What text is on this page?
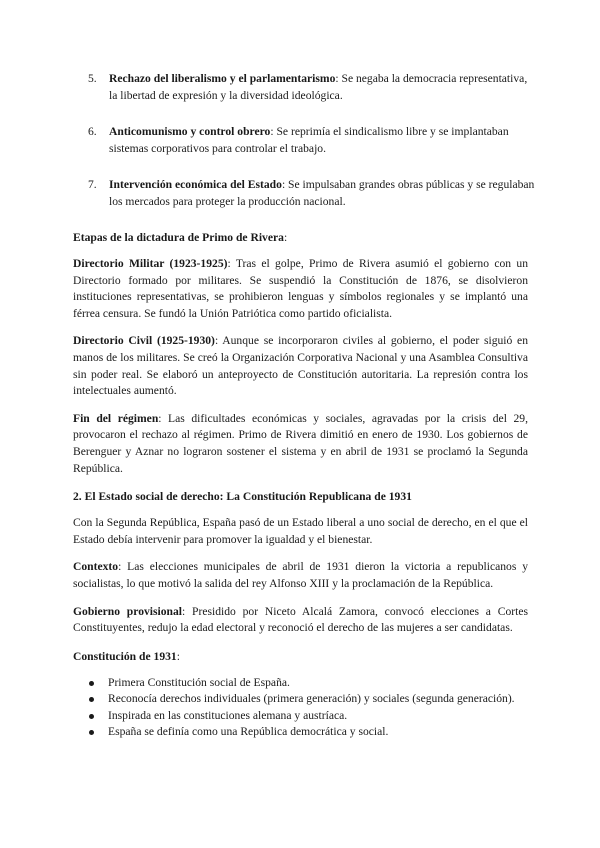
5. Rechazo del liberalismo y el parlamentarismo: Se negaba la democracia representativa, la libertad de expresión y la diversidad ideológica.
6. Anticomunismo y control obrero: Se reprimía el sindicalismo libre y se implantaban sistemas corporativos para controlar el trabajo.
7. Intervención económica del Estado: Se impulsaban grandes obras públicas y se regulaban los mercados para proteger la producción nacional.

Etapas de la dictadura de Primo de Rivera:

Directorio Militar (1923-1925): Tras el golpe, Primo de Rivera asumió el gobierno con un Directorio formado por militares. Se suspendió la Constitución de 1876, se disolvieron instituciones representativas, se prohibieron lenguas y símbolos regionales y se implantó una férrea censura. Se fundó la Unión Patriótica como partido oficialista.

Directorio Civil (1925-1930): Aunque se incorporaron civiles al gobierno, el poder siguió en manos de los militares. Se creó la Organización Corporativa Nacional y una Asamblea Consultiva sin poder real. Se elaboró un anteproyecto de Constitución autoritaria. La represión contra los intelectuales aumentó.

Fin del régimen: Las dificultades económicas y sociales, agravadas por la crisis del 29, provocaron el rechazo al régimen. Primo de Rivera dimitió en enero de 1930. Los gobiernos de Berenguer y Aznar no lograron sostener el sistema y en abril de 1931 se proclamó la Segunda República.

2. El Estado social de derecho: La Constitución Republicana de 1931

Con la Segunda República, España pasó de un Estado liberal a uno social de derecho, en el que el Estado debía intervenir para promover la igualdad y el bienestar.

Contexto: Las elecciones municipales de abril de 1931 dieron la victoria a republicanos y socialistas, lo que motivó la salida del rey Alfonso XIII y la proclamación de la República.

Gobierno provisional: Presidido por Niceto Alcalá Zamora, convocó elecciones a Cortes Constituyentes, redujo la edad electoral y reconoció el derecho de las mujeres a ser candidatas.

Constitución de 1931:

Primera Constitución social de España.
Reconocía derechos individuales (primera generación) y sociales (segunda generación).
Inspirada en las constituciones alemana y austríaca.
España se definía como una República democrática y social.
